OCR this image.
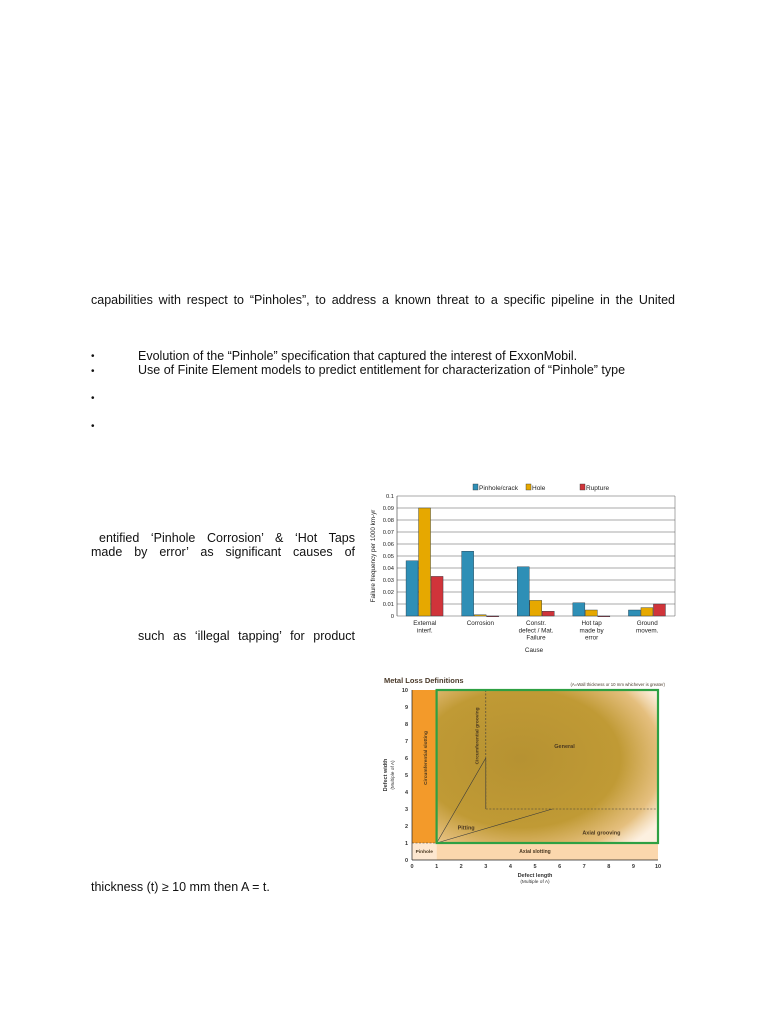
capabilities with respect to “Pinholes”, to address a known threat to a specific pipeline in the United
•	Evolution of the “Pinhole” specification that captured the interest of ExxonMobil.
•	Use of Finite Element models to predict entitlement for characterization of “Pinhole” type
•
•
entified ‘Pinhole Corrosion’ & ‘Hot Taps
made by error’ as significant causes of
such as ‘illegal tapping’ for product
thickness (t) ≥ 10 mm then A = t.
Pinhole/crack Hole	Rupture
0
0.01
0.02
0.03
0.04
0.05
0.06
0.07
0.08
0.09
0.1
Failure frequency per 1000 km-yr
External
interf.
Corrosion	Constr.
defect / Mat.
Failure
Hot tap
made by
error
Ground
movem.
Cause
0	1	2	3	4	5	6	7	8	9	10
0
1
2
3
4
5
6
7
8
9
10
Metal Loss Definitions	(A=Wall thickness or 10 mm whichever is greater)
General
Pitting
Axial grooving
Axial slotting
Circumferential grooving
Circumferential slotting
Pinhole
Defect length
(Multiple of A)
Defect width (Multiple of A)
